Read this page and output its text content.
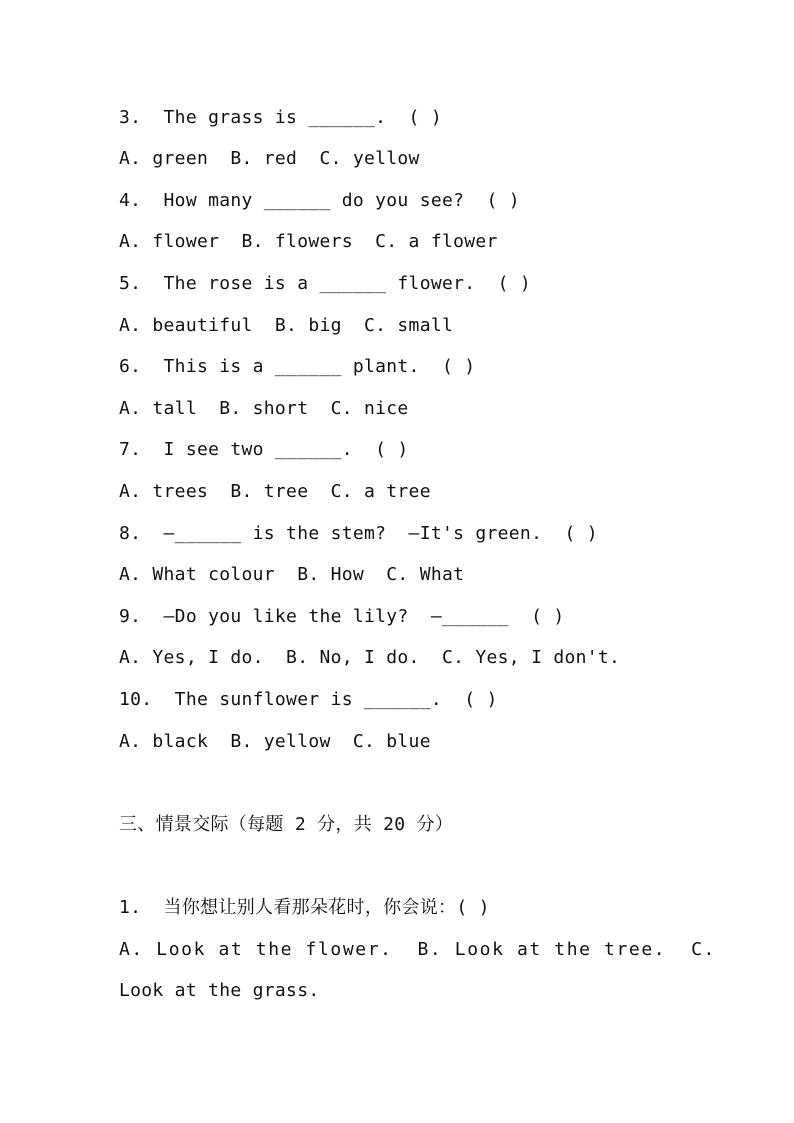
3.  The grass is ______.  ( )
A. green  B. red  C. yellow
4.  How many ______ do you see?  ( )
A. flower  B. flowers  C. a flower
5.  The rose is a ______ flower.  ( )
A. beautiful  B. big  C. small
6.  This is a ______ plant.  ( )
A. tall  B. short  C. nice
7.  I see two ______.  ( )
A. trees  B. tree  C. a tree
8.  —______ is the stem?  —It's green.  ( )
A. What colour  B. How  C. What
9.  —Do you like the lily?  —______  ( )
A. Yes, I do.  B. No, I do.  C. Yes, I don't.
10.  The sunflower is ______.  ( )
A. black  B. yellow  C. blue
三、情景交际（每题 2 分，共 20 分）
1.  当你想让别人看那朵花时，你会说：( )
A. Look at the flower.  B. Look at the tree.  C.
Look at the grass.
